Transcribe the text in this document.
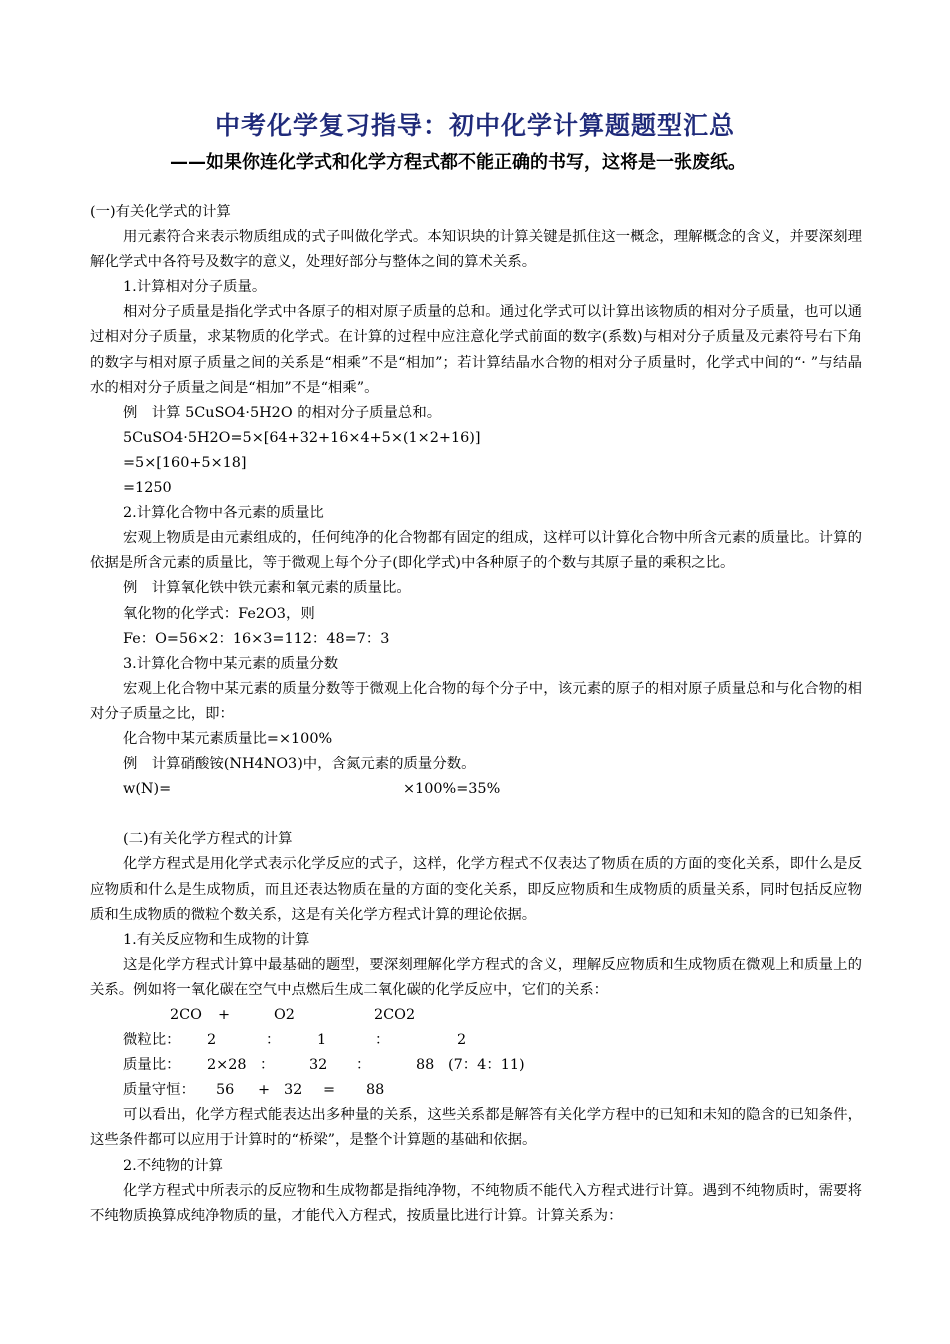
中考化学复习指导：初中化学计算题题型汇总
——如果你连化学式和化学方程式都不能正确的书写，这将是一张废纸。

(一)有关化学式的计算

用元素符合来表示物质组成的式子叫做化学式。本知识块的计算关键是抓住这一概念，理解概念的含义，并要深刻理解化学式中各符号及数字的意义，处理好部分与整体之间的算术关系。

1.计算相对分子质量。

相对分子质量是指化学式中各原子的相对原子质量的总和。通过化学式可以计算出该物质的相对分子质量，也可以通过相对分子质量，求某物质的化学式。在计算的过程中应注意化学式前面的数字(系数)与相对分子质量及元素符号右下角的数字与相对原子质量之间的关系是“相乘”不是“相加”；若计算结晶水合物的相对分子质量时，化学式中间的“· ”与结晶水的相对分子质量之间是“相加”不是“相乘”。

例　计算 5CuSO4·5H2O 的相对分子质量总和。

5CuSO4·5H2O=5×[64+32+16×4+5×(1×2+16)]

=5×[160+5×18]

=1250

2.计算化合物中各元素的质量比

宏观上物质是由元素组成的，任何纯净的化合物都有固定的组成，这样可以计算化合物中所含元素的质量比。计算的依据是所含元素的质量比，等于微观上每个分子(即化学式)中各种原子的个数与其原子量的乘积之比。

例　计算氧化铁中铁元素和氧元素的质量比。

氧化物的化学式：Fe2O3，则

Fe：O=56×2：16×3=112：48=7：3

3.计算化合物中某元素的质量分数

宏观上化合物中某元素的质量分数等于微观上化合物的每个分子中，该元素的原子的相对原子质量总和与化合物的相对分子质量之比，即：

化合物中某元素质量比=×100%

例　计算硝酸铵(NH4NO3)中，含氮元素的质量分数。

w(N)=	×100%=35%

(二)有关化学方程式的计算

化学方程式是用化学式表示化学反应的式子，这样，化学方程式不仅表达了物质在质的方面的变化关系，即什么是反应物质和什么是生成物质，而且还表达物质在量的方面的变化关系，即反应物质和生成物质的质量关系，同时包括反应物质和生成物质的微粒个数关系，这是有关化学方程式计算的理论依据。

1.有关反应物和生成物的计算

这是化学方程式计算中最基础的题型，要深刻理解化学方程式的含义，理解反应物质和生成物质在微观上和质量上的关系。例如将一氧化碳在空气中点燃后生成二氧化碳的化学反应中，它们的关系：

2CO +	O2	2CO2
微粒比： 2	：	1	：	2
质量比： 2×28 ： 32 ：	88 (7：4：11)
质量守恒： 56 + 32 = 88

可以看出，化学方程式能表达出多种量的关系，这些关系都是解答有关化学方程中的已知和未知的隐含的已知条件，这些条件都可以应用于计算时的“桥梁”，是整个计算题的基础和依据。

2.不纯物的计算

化学方程式中所表示的反应物和生成物都是指纯净物，不纯物质不能代入方程式进行计算。遇到不纯物质时，需要将不纯物质换算成纯净物质的量，才能代入方程式，按质量比进行计算。计算关系为：
